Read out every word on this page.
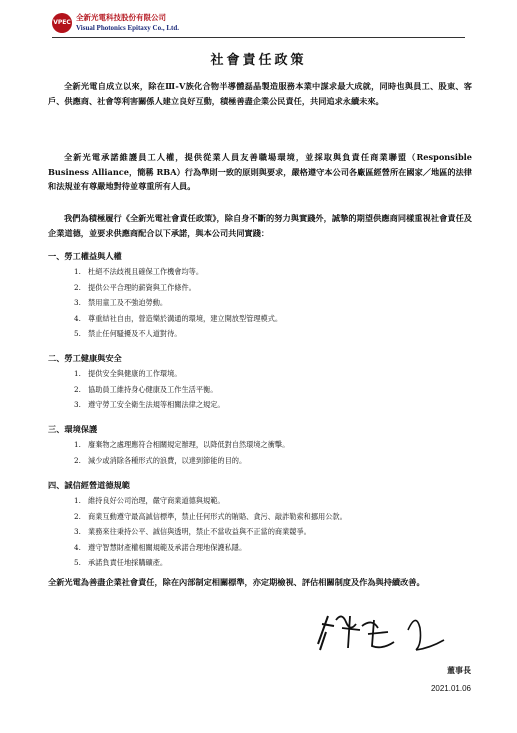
VPEC
全新光電科技股份有限公司
Visual Photonics Epitaxy Co., Ltd.
社會責任政策
全新光電自成立以來，除在Ⅲ-Ⅴ族化合物半導體磊晶製造服務本業中謀求最大成就，同時也與員工、股東、客戶、供應商、社會等利害關係人建立良好互動，積極善盡企業公民責任，共同追求永續未來。
全新光電承諾維護員工人權，提供從業人員友善職場環境，並採取與負責任商業聯盟（Responsible Business Alliance，簡稱 RBA）行為準則一致的原則與要求，嚴格遵守本公司各廠區經營所在國家／地區的法律和法規並有尊嚴地對待並尊重所有人員。
我們為積極履行《全新光電社會責任政策》，除自身不斷的努力與實踐外，誠摯的期望供應商同樣重視社會責任及企業道德，並要求供應商配合以下承諾，與本公司共同實踐：
一、勞工權益與人權
1.　杜絕不法歧視且確保工作機會均等。
2.　提供公平合理的薪資與工作條件。
3.　禁用童工及不強迫勞動。
4.　尊重結社自由，營造樂於溝通的環境，建立開放型管理模式。
5.　禁止任何騷擾及不人道對待。
二、勞工健康與安全
1.　提供安全與健康的工作環境。
2.　協助員工維持身心健康及工作生活平衡。
3.　遵守勞工安全衛生法規等相關法律之規定。
三、環境保護
1.　廢棄物之處理應符合相關規定辦理，以降低對自然環境之衝擊。
2.　減少或消除各種形式的浪費，以達到節能的目的。
四、誠信經營道德規範
1.　維持良好公司治理，嚴守商業道德與規範。
2.　商業互動遵守最高誠信標準，禁止任何形式的賄賂、貪污、敲詐勒索和挪用公款。
3.　業務來往秉持公平、誠信與透明，禁止不當收益與不正當的商業競爭。
4.　遵守智慧財產權相關規範及承諾合理地保護私隱。
5.　承諾負責任地採購礦產。
全新光電為善盡企業社會責任，除在內部制定相關標準，亦定期檢視、評估相關制度及作為與持續改善。
董事長
2021.01.06
